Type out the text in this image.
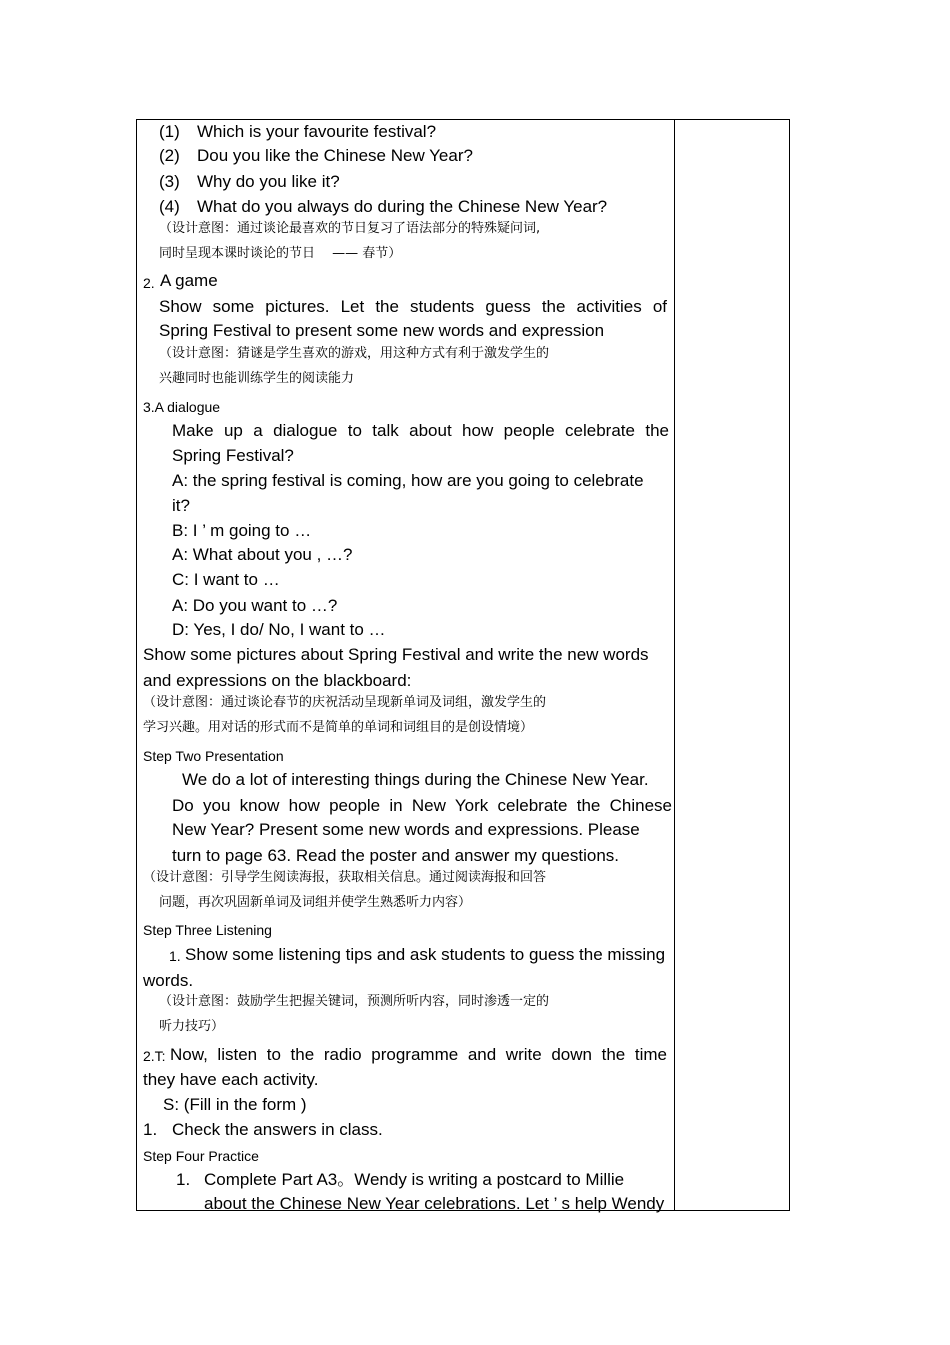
(1) Which is your favourite festival?
(2) Dou you like the Chinese New Year?
(3) Why do you like it?
(4) What do you always do during the Chinese New Year?
（设计意图：通过谈论最喜欢的节日复习了语法部分的特殊疑问词,
同时呈现本课时谈论的节日　 —— 春节）
2. A game
Show some pictures. Let the students guess the activities of
Spring Festival to present some new words and expression
（设计意图：猜谜是学生喜欢的游戏，用这种方式有利于激发学生的
兴趣同时也能训练学生的阅读能力
3.A dialogue
Make up a dialogue to talk about how people celebrate the
Spring Festival?
A: the spring festival is coming, how are you going to celebrate
it?
B: I ’ m going to …
A: What about you , …?
C: I want to …
A: Do you want to …?
D: Yes, I do/ No, I want to …
Show some pictures about Spring Festival and write the new words
and expressions on the blackboard:
（设计意图：通过谈论春节的庆祝活动呈现新单词及词组，激发学生的
学习兴趣。用对话的形式而不是简单的单词和词组目的是创设情境）
Step Two Presentation
We do a lot of interesting things during the Chinese New Year.
Do you know how people in New York celebrate the Chinese
New Year? Present some new words and expressions. Please
turn to page 63. Read the poster and answer my questions.
（设计意图：引导学生阅读海报，获取相关信息。通过阅读海报和回答
问题，再次巩固新单词及词组并使学生熟悉听力内容）
Step Three Listening
1. Show some listening tips and ask students to guess the missing
words.
（设计意图：鼓励学生把握关键词，预测所听内容，同时渗透一定的
听力技巧）
2.T: Now, listen to the radio programme and write down the time
they have each activity.
S: (Fill in the form )
1. Check the answers in class.
Step Four Practice
1. Complete Part A3。Wendy is writing a postcard to Millie
about the Chinese New Year celebrations. Let ’ s help Wendy
